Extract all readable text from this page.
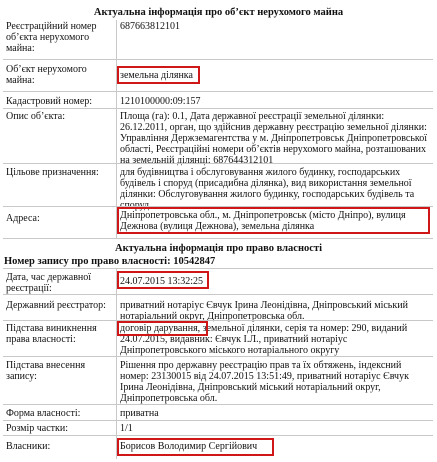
Актуальна інформація про об’єкт нерухомого майна
Реєстраційний номер об’єкта нерухомого майна:
687663812101
Об’єкт нерухомого майна:	земельна ділянка
Кадастровий номер:	1210100000:09:157
Опис об’єкта:	Площа (га): 0.1, Дата державної реєстрації земельної ділянки: 26.12.2011, орган, що здійснив державну реєстрацію земельної ділянки: Управління Держземагентства у м. Дніпропетровськ Дніпропетровської області, Реєстраційні номери об’єктів нерухомого майна, розташованих на земельній ділянці: 687644312101
Цільове призначення:	для будівництва і обслуговування жилого будинку, господарських будівель і споруд (присадибна ділянка), вид використання земельної ділянки: Обслуговування жилого будинку, господарських будівель та споруд
Адреса:	Дніпропетровська обл., м. Дніпропетровськ (місто Дніпро), вулиця Деж​нова (вулиця Деж​нова), земельна ділянка
Актуальна інформація про право власності
Номер запису про право власності: 10542847
Дата, час державної реєстрації:
24.07.2015 13:32:25
Державний реєстратор:	приватний нотаріус Євчук Ірина Леонідівна, Дніпровський міський нотаріальний округ, Дніпропетровська обл.
Підстава виникнення права власності:
договір дарування, земельної ділянки, серія та номер: 290, виданий 24.07.2015, видавник: Євчук І.Л., приватний нотаріус Дніпропетровського міського нотаріального округу
Підстава внесення запису:
Рішення про державну реєстрацію прав та їх обтяжень, індексний номер: 23130015 від 24.07.2015 13:51:49, приватний нотаріус Євчук Ірина Леонідівна, Дніпровський міський нотаріальний округ, Дніпропетровська обл.
Форма власності:	приватна
Розмір частки:	1/1
Власники:	Борисов Володимир Сергійович
